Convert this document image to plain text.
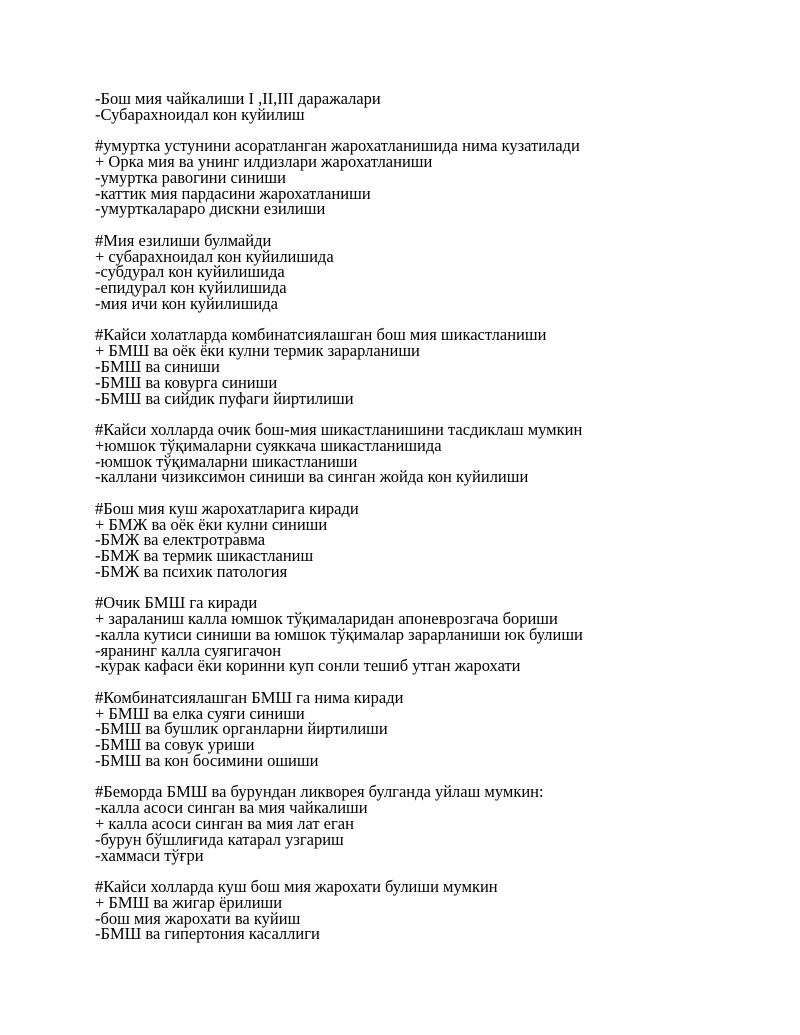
-Бош мия чайкалиши I ,II,III даражалари
-Субарахноидал кон куйилиш
#умуртка устунини асоратланган жарохатланишида нима кузатилади
+ Орка мия ва унинг илдизлари жарохатланиши
-умуртка равогини синиши
-каттик мия пардасини жарохатланиши
-умурткалараро дискни езилиши
#Мия езилиши булмайди
+ субарахноидал кон куйилишида
-субдурал кон куйилишида
-епидурал кон куйилишида
-мия ичи кон куйилишида
#Кайси холатларда комбинатсиялашган бош мия шикастланиши
+ БМШ ва оёк ёки кулни термик зарарланиши
-БМШ ва синиши
-БМШ ва ковурга синиши
-БМШ ва сийдик пуфаги йиртилиши
#Кайси холларда очик бош-мия шикастланишини тасдиклаш мумкин
+юмшок тўқималарни суяккача шикастланишида
-юмшок тўқималарни шикастланиши
-каллани чизиксимон синиши ва синган жойда кон куйилиши
#Бош мия куш жарохатларига киради
+ БМЖ ва оёк ёки кулни синиши
-БМЖ ва електротравма
-БМЖ ва термик шикастланиш
-БМЖ ва психик патология
#Очик БМШ га киради
+ зараланиш калла юмшок тўқималаридан апоневрозгача бориши
-калла кутиси синиши ва юмшок тўқималар зарарланиши юк булиши
-яранинг калла суягигачон
-курак кафаси ёки коринни куп сонли тешиб утган жарохати
#Комбинатсиялашган БМШ га нима киради
+ БМШ ва елка суяги синиши
-БМШ ва бушлик органларни йиртилиши
-БМШ ва совук уриши
-БМШ ва кон босимини ошиши
#Беморда БМШ ва бурундан ликворея булганда уйлаш мумкин:
-калла асоси синган ва мия чайкалиши
+ калла асоси синган ва мия лат еган
-бурун бўшлиғида катарал узгариш
-хаммаси тўғри
#Кайси холларда куш бош мия жарохати булиши мумкин
+ БМШ ва жигар ёрилиши
-бош мия жарохати ва куйиш
-БМШ ва гипертония касаллиги
